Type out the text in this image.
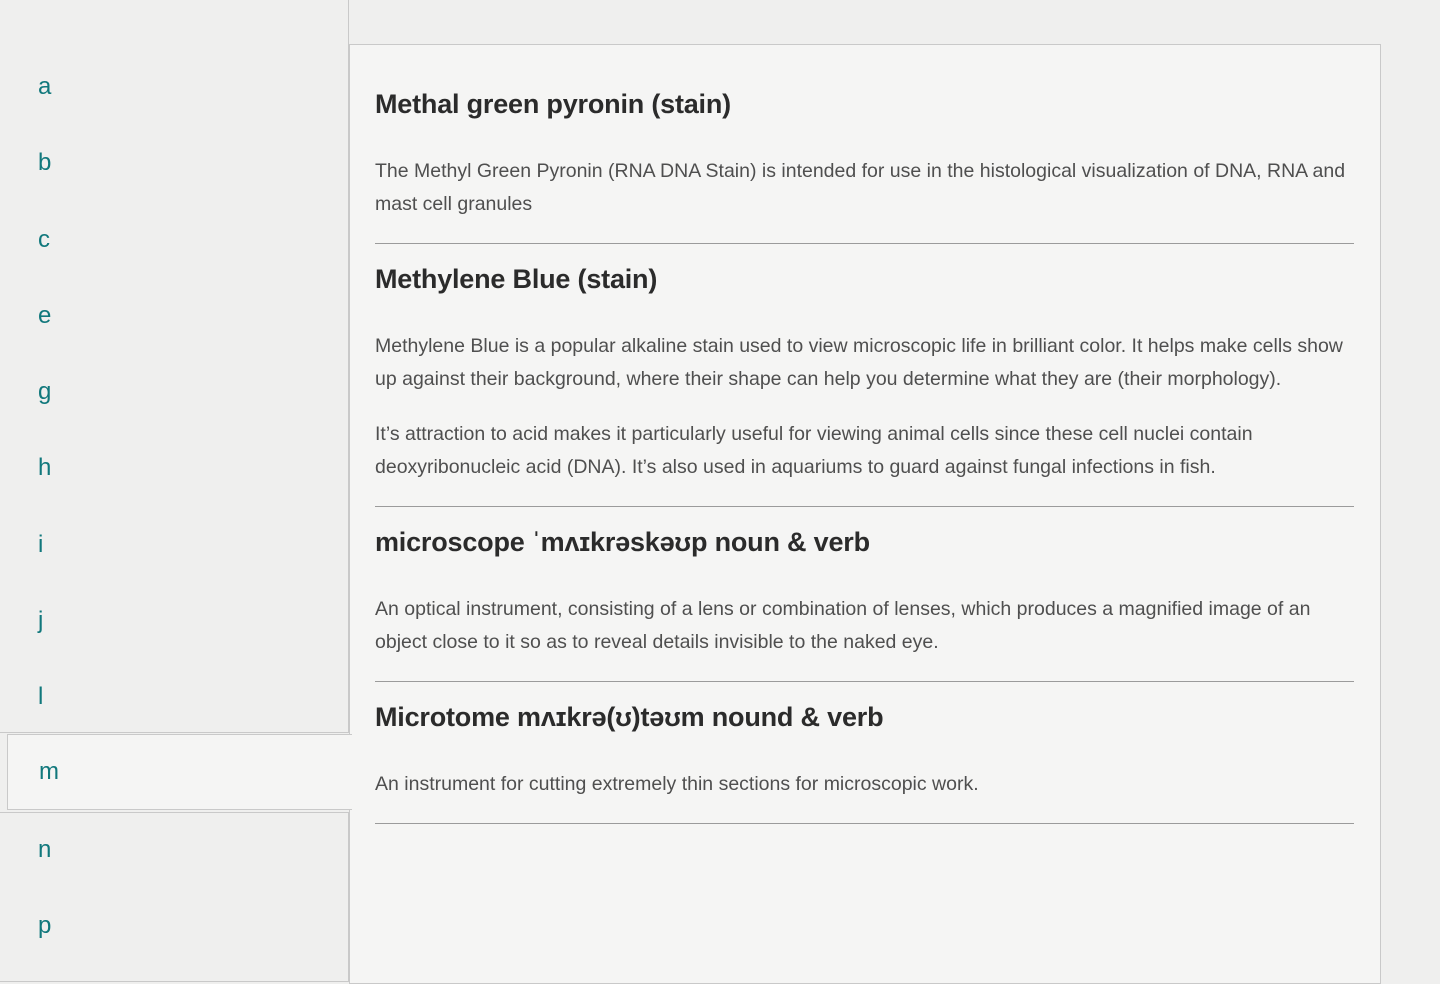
a
b
c
e
g
h
i
j
l
m
n
p
Methal green pyronin (stain)

The Methyl Green Pyronin (RNA DNA Stain) is intended for use in the histological visualization of DNA, RNA and mast cell granules

Methylene Blue (stain)

Methylene Blue is a popular alkaline stain used to view microscopic life in brilliant color. It helps make cells show up against their background, where their shape can help you determine what they are (their morphology).

It’s attraction to acid makes it particularly useful for viewing animal cells since these cell nuclei contain deoxyribonucleic acid (DNA). It’s also used in aquariums to guard against fungal infections in fish.

microscope ˈmʌɪkrəskəʊp noun & verb

An optical instrument, consisting of a lens or combination of lenses, which produces a magnified image of an object close to it so as to reveal details invisible to the naked eye.

Microtome mʌɪkrə(ʊ)təʊm nound & verb

An instrument for cutting extremely thin sections for microscopic work.
